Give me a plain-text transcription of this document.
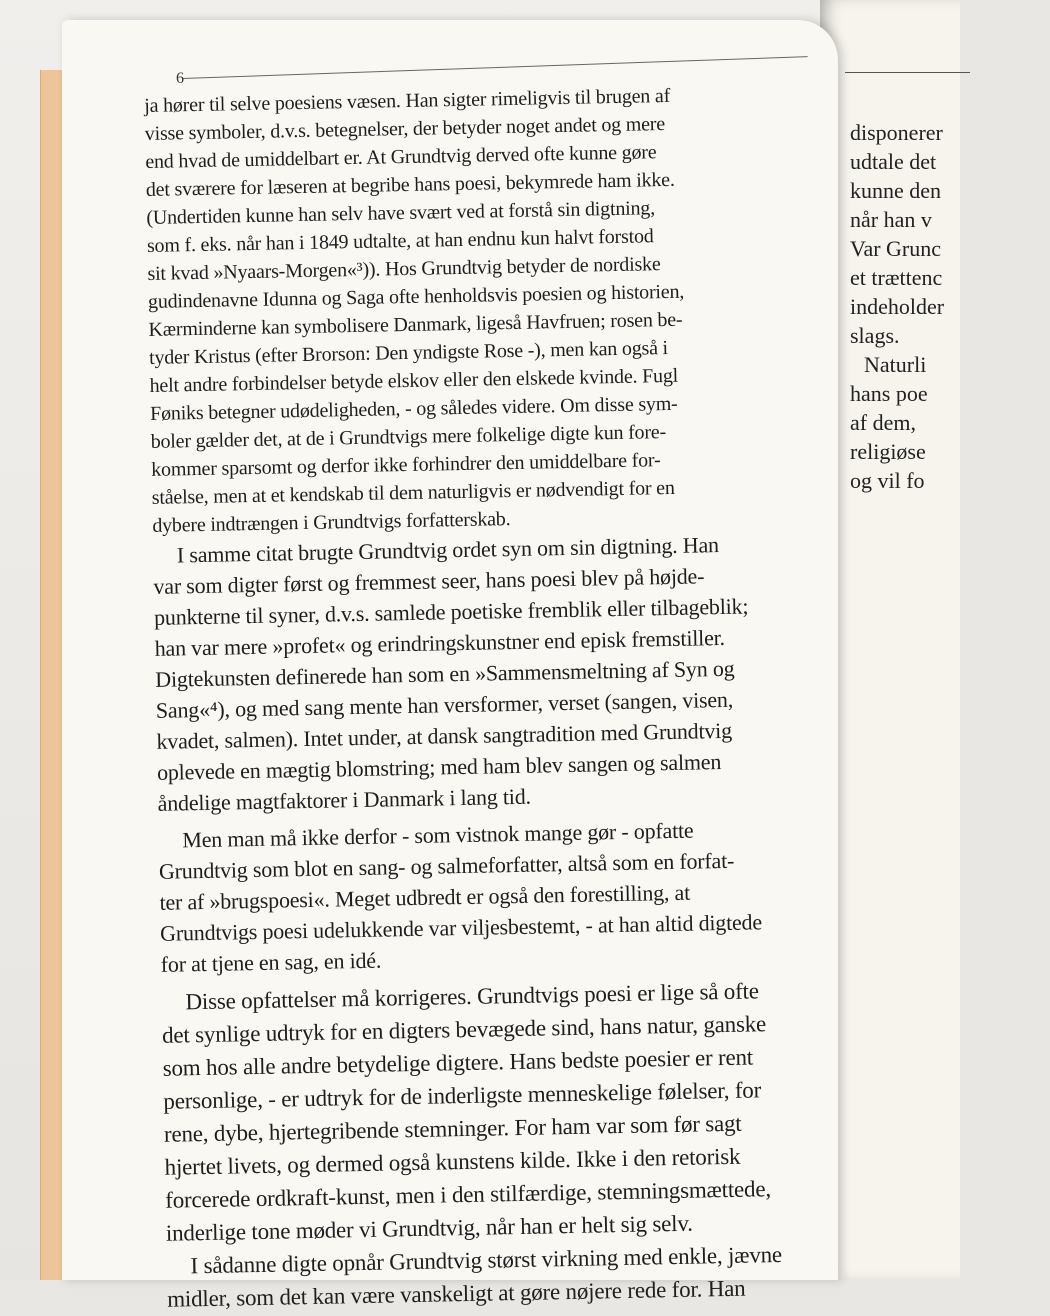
disponerer
udtale det
kunne den
når han v
Var Grunc
et trættenc
indeholder
slags.
Naturli
hans poe
af dem,
religiøse
og vil fo
6
ja hører til selve poesiens væsen. Han sigter rimeligvis til brugen af
visse symboler, d.v.s. betegnelser, der betyder noget andet og mere
end hvad de umiddelbart er. At Grundtvig derved ofte kunne gøre
det sværere for læseren at begribe hans poesi, bekymrede ham ikke.
(Undertiden kunne han selv have svært ved at forstå sin digtning,
som f. eks. når han i 1849 udtalte, at han endnu kun halvt forstod
sit kvad »Nyaars-Morgen«³)). Hos Grundtvig betyder de nordiske
gudindenavne Idunna og Saga ofte henholdsvis poesien og historien,
Kærminderne kan symbolisere Danmark, ligeså Havfruen; rosen be-
tyder Kristus (efter Brorson: Den yndigste Rose -), men kan også i
helt andre forbindelser betyde elskov eller den elskede kvinde. Fugl
Føniks betegner udødeligheden, - og således videre. Om disse sym-
boler gælder det, at de i Grundtvigs mere folkelige digte kun fore-
kommer sparsomt og derfor ikke forhindrer den umiddelbare for-
ståelse, men at et kendskab til dem naturligvis er nødvendigt for en
dybere indtrængen i Grundtvigs forfatterskab.
I samme citat brugte Grundtvig ordet syn om sin digtning. Han
var som digter først og fremmest seer, hans poesi blev på højde-
punkterne til syner, d.v.s. samlede poetiske fremblik eller tilbageblik;
han var mere »profet« og erindringskunstner end episk fremstiller.
Digtekunsten definerede han som en »Sammensmeltning af Syn og
Sang«⁴), og med sang mente han versformer, verset (sangen, visen,
kvadet, salmen). Intet under, at dansk sangtradition med Grundtvig
oplevede en mægtig blomstring; med ham blev sangen og salmen
åndelige magtfaktorer i Danmark i lang tid.
Men man må ikke derfor - som vistnok mange gør - opfatte
Grundtvig som blot en sang- og salmeforfatter, altså som en forfat-
ter af »brugspoesi«. Meget udbredt er også den forestilling, at
Grundtvigs poesi udelukkende var viljesbestemt, - at han altid digtede
for at tjene en sag, en idé.
Disse opfattelser må korrigeres. Grundtvigs poesi er lige så ofte
det synlige udtryk for en digters bevægede sind, hans natur, ganske
som hos alle andre betydelige digtere. Hans bedste poesier er rent
personlige, - er udtryk for de inderligste menneskelige følelser, for
rene, dybe, hjertegribende stemninger. For ham var som før sagt
hjertet livets, og dermed også kunstens kilde. Ikke i den retorisk
forcerede ordkraft-kunst, men i den stilfærdige, stemningsmættede,
inderlige tone møder vi Grundtvig, når han er helt sig selv.
I sådanne digte opnår Grundtvig størst virkning med enkle, jævne
midler, som det kan være vanskeligt at gøre nøjere rede for. Han
